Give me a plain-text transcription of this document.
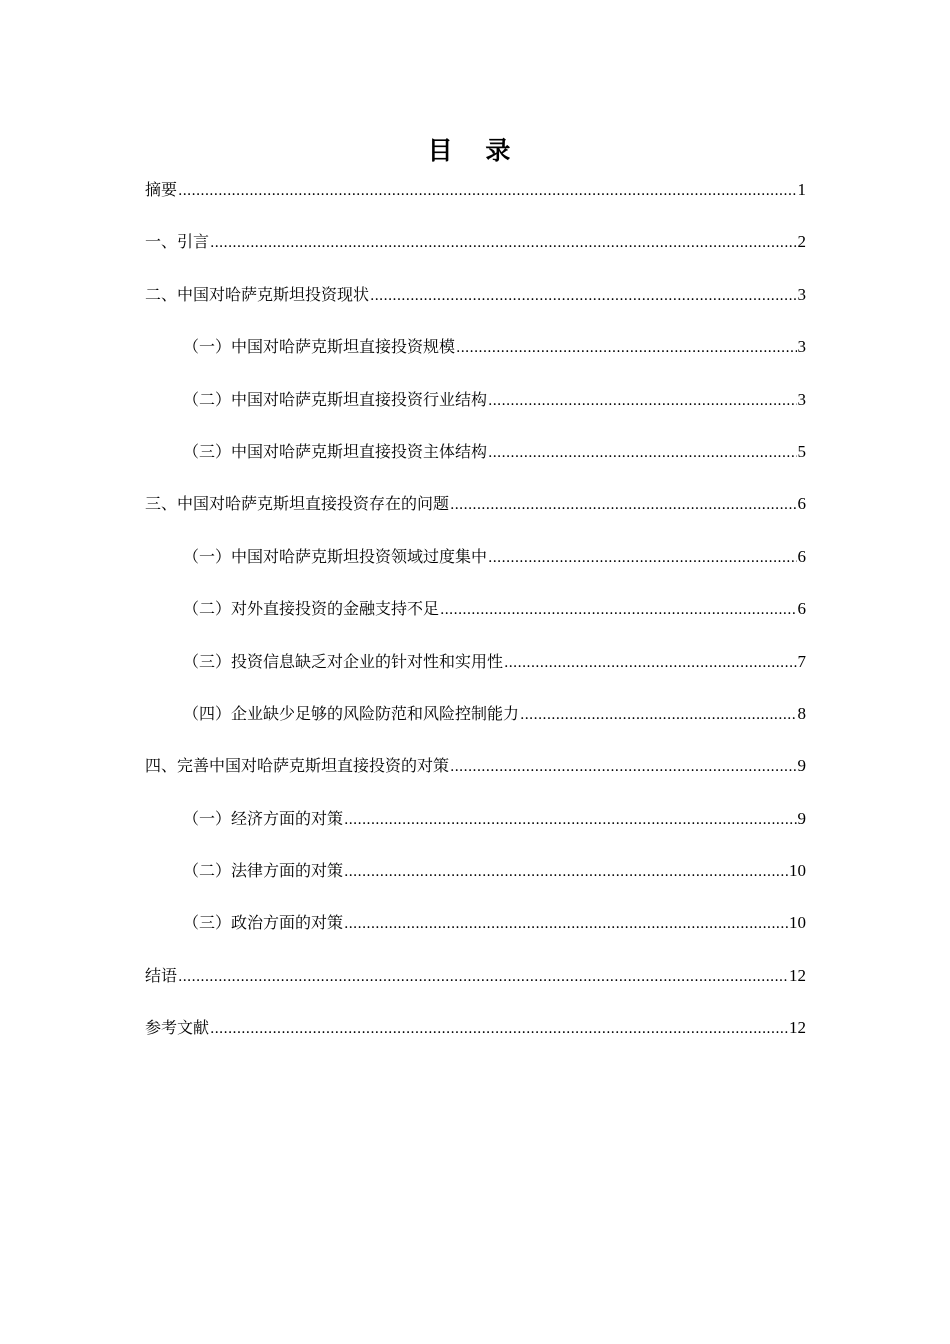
目 录
摘要 .....	1
一、引言 .....	2
二、中国对哈萨克斯坦投资现状 .....	3
（一）中国对哈萨克斯坦直接投资规模 .....	3
（二）中国对哈萨克斯坦直接投资行业结构 .....	3
（三）中国对哈萨克斯坦直接投资主体结构 .....	5
三、中国对哈萨克斯坦直接投资存在的问题 .....	6
（一）中国对哈萨克斯坦投资领域过度集中 .....	6
（二）对外直接投资的金融支持不足 .....	6
（三）投资信息缺乏对企业的针对性和实用性 .....	7
（四）企业缺少足够的风险防范和风险控制能力 .....	8
四、完善中国对哈萨克斯坦直接投资的对策 .....	9
（一）经济方面的对策 .....	9
（二）法律方面的对策 .....	10
（三）政治方面的对策 .....	10
结语 .....	12
参考文献 .....	12
